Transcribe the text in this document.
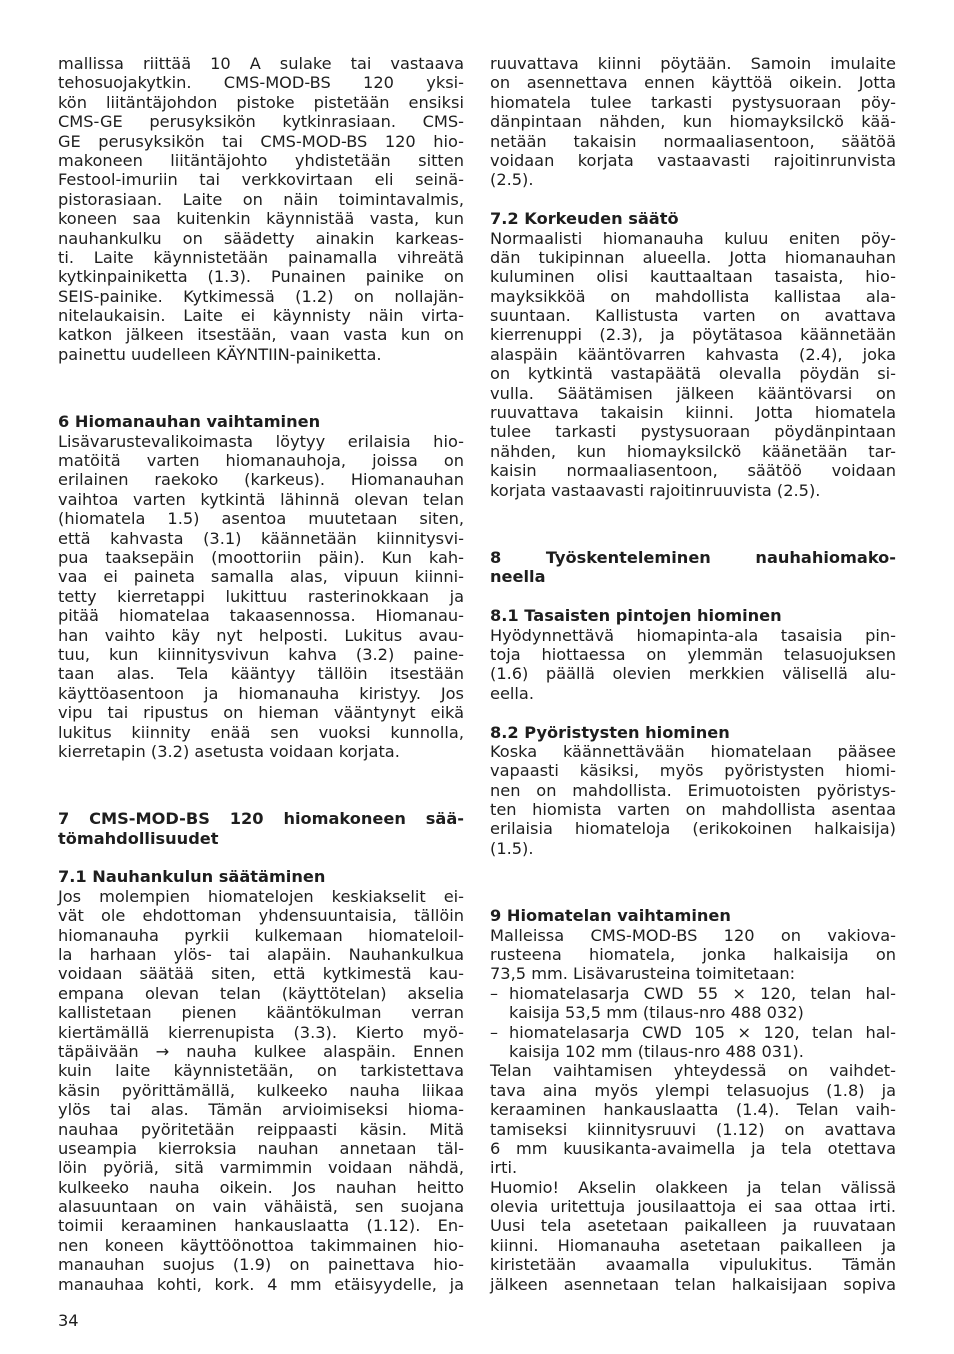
mallissa riittää 10 A sulake tai vastaava
tehosuojakytkin. CMS-MOD-BS 120 yksi-
kön liitäntäjohdon pistoke pistetään ensiksi
CMS-GE perusyksikön kytkinrasiaan. CMS-
GE perusyksikön tai CMS-MOD-BS 120 hio-
makoneen liitäntäjohto yhdistetään sitten
Festool-imuriin tai verkkovirtaan eli seinä-
pistorasiaan. Laite on näin toimintavalmis,
koneen saa kuitenkin käynnistää vasta, kun
nauhankulku on säädetty ainakin karkeas-
ti. Laite käynnistetään painamalla vihreätä
kytkinpainiketta (1.3). Punainen painike on
SEIS-painike. Kytkimessä (1.2) on nollajän-
nitelaukaisin. Laite ei käynnisty näin virta-
katkon jälkeen itsestään, vaan vasta kun on
painettu uudelleen KÄYNTIIN-painiketta.
6 Hiomanauhan vaihtaminen
Lisävarustevalikoimasta löytyy erilaisia hio-
matöitä varten hiomanauhoja, joissa on
erilainen raekoko (karkeus). Hiomanauhan
vaihtoa varten kytkintä lähinnä olevan telan
(hiomatela 1.5) asentoa muutetaan siten,
että kahvasta (3.1) käännetään kiinnitysvi-
pua taaksepäin (moottoriin päin). Kun kah-
vaa ei paineta samalla alas, vipuun kiinni-
tetty kierretappi lukittuu rasterinokkaan ja
pitää hiomatelaa takaasennossa. Hiomanau-
han vaihto käy nyt helposti. Lukitus avau-
tuu, kun kiinnitysvivun kahva (3.2) paine-
taan alas. Tela kääntyy tällöin itsestään
käyttöasentoon ja hiomanauha kiristyy. Jos
vipu tai ripustus on hieman vääntynyt eikä
lukitus kiinnity enää sen vuoksi kunnolla,
kierretapin (3.2) asetusta voidaan korjata.
7 CMS-MOD-BS 120 hiomakoneen sää-
tömahdollisuudet
7.1 Nauhankulun säätäminen
Jos molempien hiomatelojen keskiakselit ei-
vät ole ehdottoman yhdensuuntaisia, tällöin
hiomanauha pyrkii kulkemaan hiomateloil-
la harhaan ylös- tai alapäin. Nauhankulkua
voidaan säätää siten, että kytkimestä kau-
empana olevan telan (käyttötelan) akselia
kallistetaan pienen kääntökulman verran
kiertämällä kierrenupista (3.3). Kierto myö-
täpäivään → nauha kulkee alaspäin. Ennen
kuin laite käynnistetään, on tarkistettava
käsin pyörittämällä, kulkeeko nauha liikaa
ylös tai alas. Tämän arvioimiseksi hioma-
nauhaa pyöritetään reippaasti käsin. Mitä
useampia kierroksia nauhan annetaan täl-
löin pyöriä, sitä varmimmin voidaan nähdä,
kulkeeko nauha oikein. Jos nauhan heitto
alasuuntaan on vain vähäistä, sen suojana
toimii keraaminen hankauslaatta (1.12). En-
nen koneen käyttöönottoa takimmainen hio-
manauhan suojus (1.9) on painettava hio-
manauhaa kohti, kork. 4 mm etäisyydelle, ja
ruuvattava kiinni pöytään. Samoin imulaite
on asennettava ennen käyttöä oikein. Jotta
hiomatela tulee tarkasti pystysuoraan pöy-
dänpintaan nähden, kun hiomayksilckö kää-
netään takaisin normaaliasentoon, säätöä
voidaan korjata vastaavasti rajoitinrunvista
(2.5).
7.2 Korkeuden säätö
Normaalisti hiomanauha kuluu eniten pöy-
dän tukipinnan alueella. Jotta hiomanauhan
kuluminen olisi kauttaaltaan tasaista, hio-
mayksikköä on mahdollista kallistaa ala-
suuntaan. Kallistusta varten on avattava
kierrenuppi (2.3), ja pöytätasoa käännetään
alaspäin kääntövarren kahvasta (2.4), joka
on kytkintä vastapäätä olevalla pöydän si-
vulla. Säätämisen jälkeen kääntövarsi on
ruuvattava takaisin kiinni. Jotta hiomatela
tulee tarkasti pystysuoraan pöydänpintaan
nähden, kun hiomayksilckö käänetään tar-
kaisin normaaliasentoon, säätöö voidaan
korjata vastaavasti rajoitinruuvista (2.5).
8 Työskenteleminen nauhahiomako-
neella
8.1 Tasaisten pintojen hiominen
Hyödynnettävä hiomapinta-ala tasaisia pin-
toja hiottaessa on ylemmän telasuojuksen
(1.6) päällä olevien merkkien välisellä alu-
eella.
8.2 Pyöristysten hiominen
Koska käännettävään hiomatelaan pääsee
vapaasti käsiksi, myös pyöristysten hiomi-
nen on mahdollista. Erimuotoisten pyöristys-
ten hiomista varten on mahdollista asentaa
erilaisia hiomateloja (erikokoinen halkaisija)
(1.5).
9 Hiomatelan vaihtaminen
Malleissa CMS-MOD-BS 120 on vakiova-
rusteena hiomatela, jonka halkaisija on
73,5 mm. Lisävarusteina toimitetaan:
– hiomatelasarja CWD 55 × 120, telan hal-
kaisija 53,5 mm (tilaus-nro 488 032)
– hiomatelasarja CWD 105 × 120, telan hal-
kaisija 102 mm (tilaus-nro 488 031).
Telan vaihtamisen yhteydessä on vaihdet-
tava aina myös ylempi telasuojus (1.8) ja
keraaminen hankauslaatta (1.4). Telan vaih-
tamiseksi kiinnitysruuvi (1.12) on avattava
6 mm kuusikanta-avaimella ja tela otettava
irti.
Huomio! Akselin olakkeen ja telan välissä
olevia uritettuja jousilaattoja ei saa ottaa irti.
Uusi tela asetetaan paikalleen ja ruuvataan
kiinni. Hiomanauha asetetaan paikalleen ja
kiristetään avaamalla vipulukitus. Tämän
jälkeen asennetaan telan halkaisijaan sopiva
34
